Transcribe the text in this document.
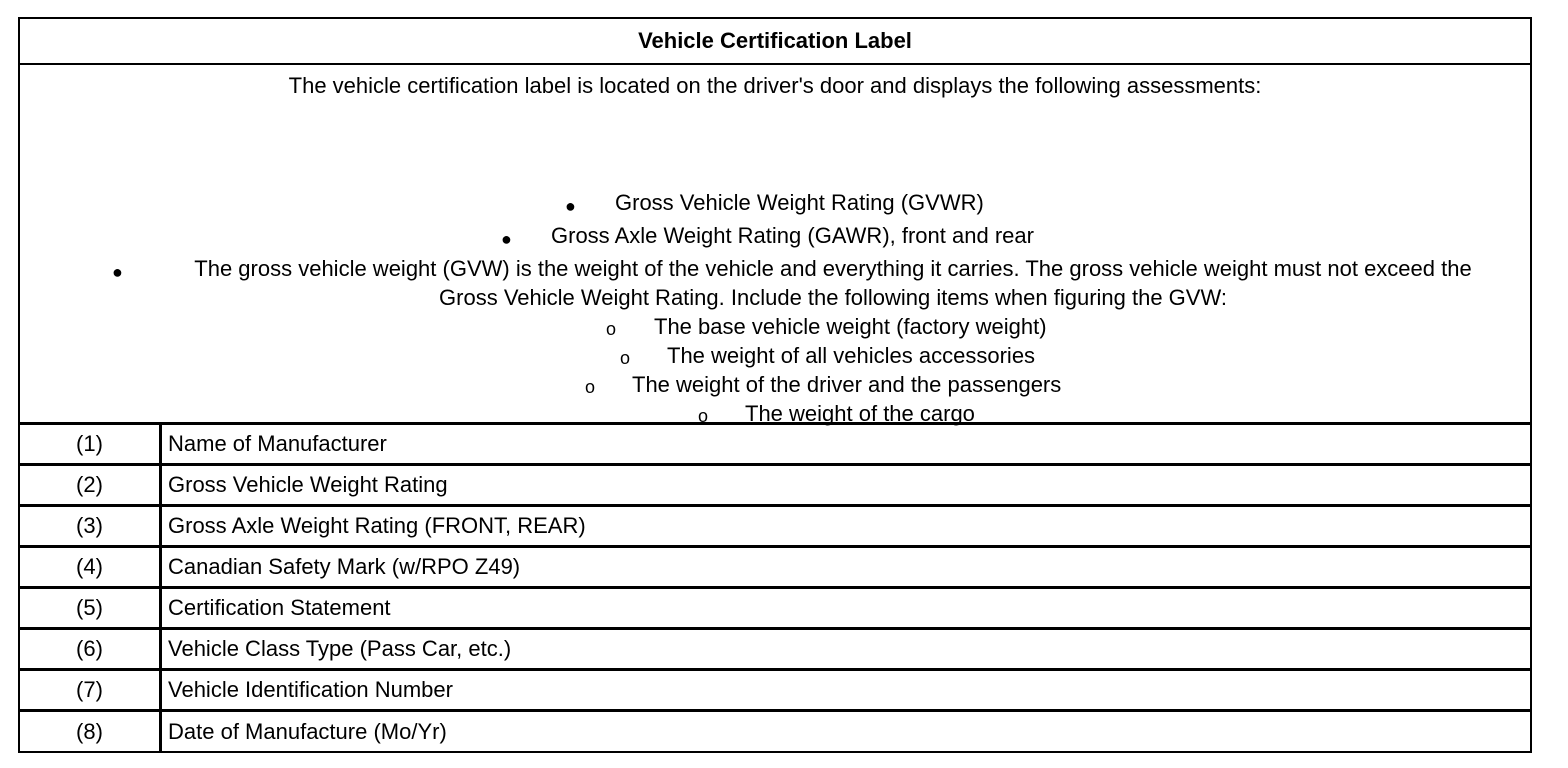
Vehicle Certification Label
The vehicle certification label is located on the driver's door and displays the following assessments:
● Gross Vehicle Weight Rating (GVWR)
● Gross Axle Weight Rating (GAWR), front and rear
●	The gross vehicle weight (GVW) is the weight of the vehicle and everything it carries. The gross vehicle weight must not exceed the Gross Vehicle Weight Rating. Include the following items when figuring the GVW:
o The base vehicle weight (factory weight)
o The weight of all vehicles accessories
o The weight of the driver and the passengers
o The weight of the cargo
(1)	Name of Manufacturer
(2)	Gross Vehicle Weight Rating
(3)	Gross Axle Weight Rating (FRONT, REAR)
(4)	Canadian Safety Mark (w/RPO Z49)
(5)	Certification Statement
(6)	Vehicle Class Type (Pass Car, etc.)
(7)	Vehicle Identification Number
(8)	Date of Manufacture (Mo/Yr)
